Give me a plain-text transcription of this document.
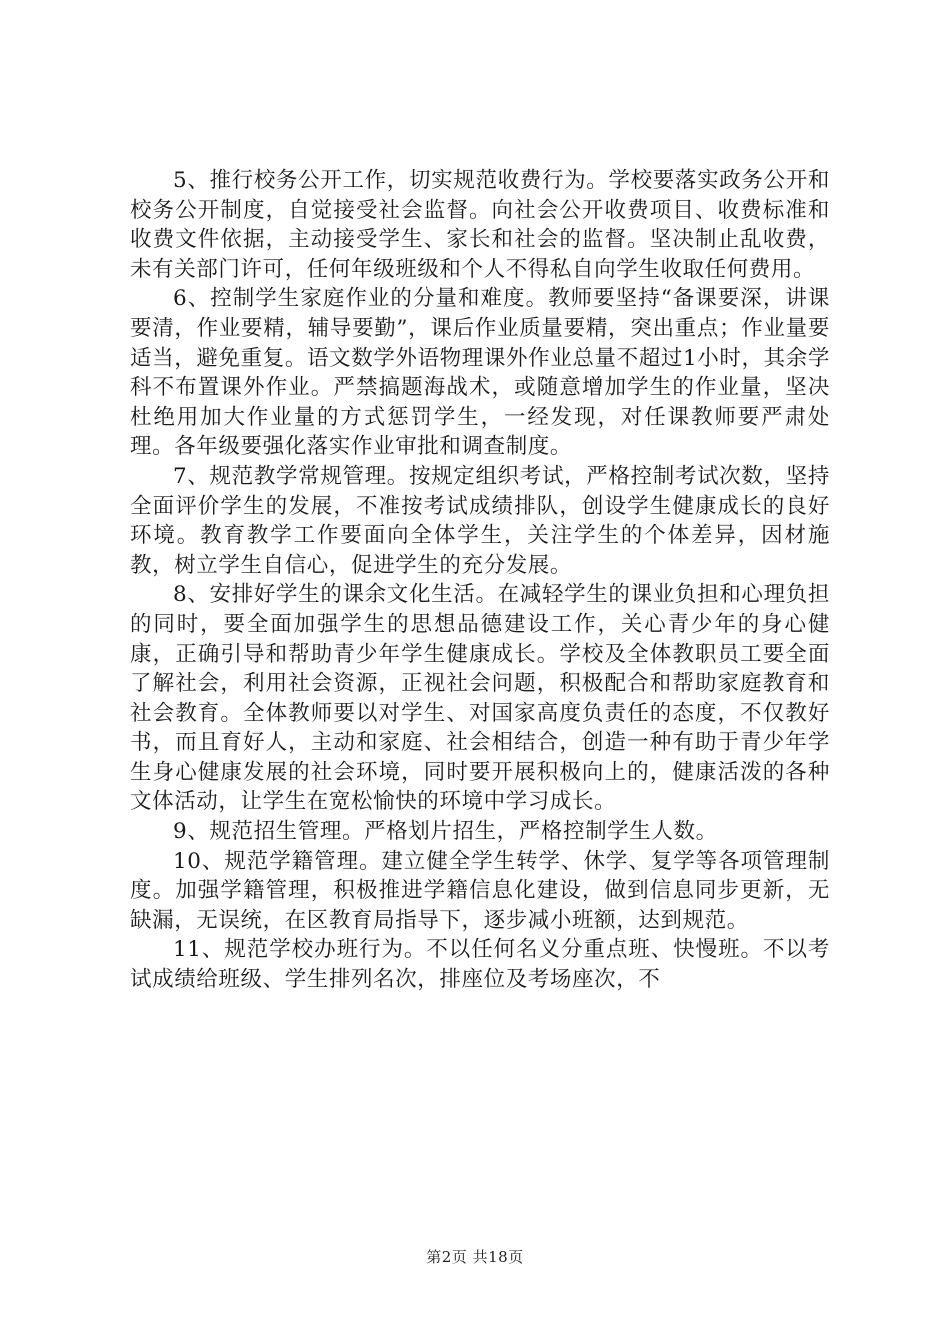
5、推行校务公开工作，切实规范收费行为。学校要落实政务公开和校务公开制度，自觉接受社会监督。向社会公开收费项目、收费标准和收费文件依据，主动接受学生、家长和社会的监督。坚决制止乱收费，未有关部门许可，任何年级班级和个人不得私自向学生收取任何费用。

6、控制学生家庭作业的分量和难度。教师要坚持“备课要深，讲课要清，作业要精，辅导要勤”，课后作业质量要精，突出重点；作业量要适当，避免重复。语文数学外语物理课外作业总量不超过1小时，其余学科不布置课外作业。严禁搞题海战术，或随意增加学生的作业量，坚决杜绝用加大作业量的方式惩罚学生，一经发现，对任课教师要严肃处理。各年级要强化落实作业审批和调查制度。

7、规范教学常规管理。按规定组织考试，严格控制考试次数，坚持全面评价学生的发展，不准按考试成绩排队，创设学生健康成长的良好环境。教育教学工作要面向全体学生，关注学生的个体差异，因材施教，树立学生自信心，促进学生的充分发展。

8、安排好学生的课余文化生活。在减轻学生的课业负担和心理负担的同时，要全面加强学生的思想品德建设工作，关心青少年的身心健康，正确引导和帮助青少年学生健康成长。学校及全体教职员工要全面了解社会，利用社会资源，正视社会问题，积极配合和帮助家庭教育和社会教育。全体教师要以对学生、对国家高度负责任的态度，不仅教好书，而且育好人，主动和家庭、社会相结合，创造一种有助于青少年学生身心健康发展的社会环境，同时要开展积极向上的，健康活泼的各种文体活动，让学生在宽松愉快的环境中学习成长。

9、规范招生管理。严格划片招生，严格控制学生人数。

10、规范学籍管理。建立健全学生转学、休学、复学等各项管理制度。加强学籍管理，积极推进学籍信息化建设，做到信息同步更新，无缺漏，无误统，在区教育局指导下，逐步减小班额，达到规范。

11、规范学校办班行为。不以任何名义分重点班、快慢班。不以考试成绩给班级、学生排列名次，排座位及考场座次，不

第2页 共18页
